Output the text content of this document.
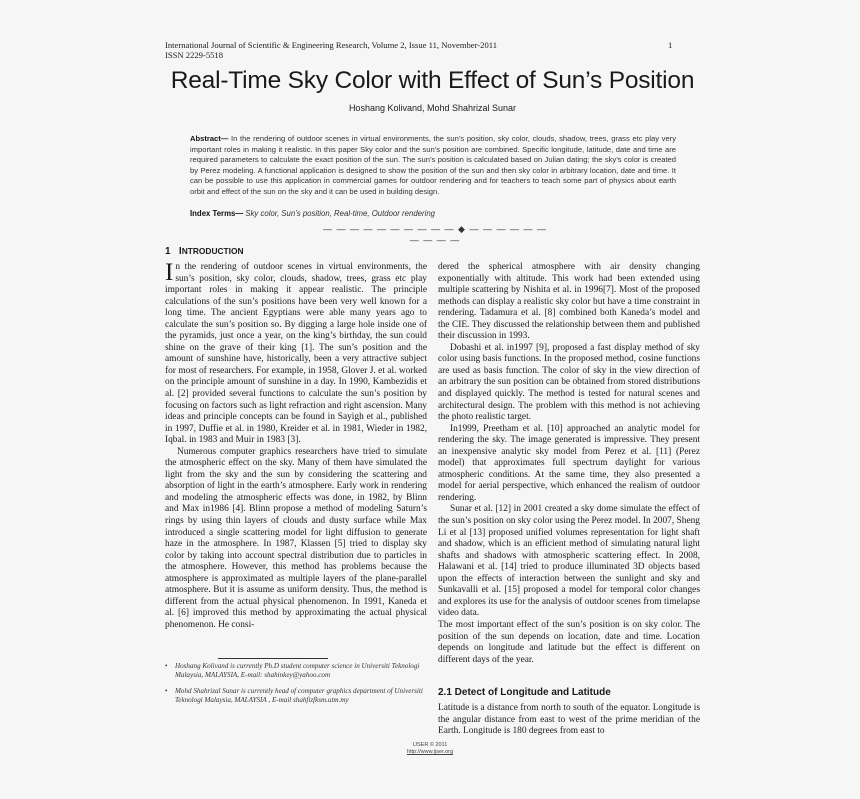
International Journal of Scientific & Engineering Research, Volume 2, Issue 11, November-2011
ISSN 2229-5518
1
Real-Time Sky Color with Effect of Sun’s Position
Hoshang Kolivand, Mohd Shahrizal Sunar
Abstract— In the rendering of outdoor scenes in virtual environments, the sun’s position, sky color, clouds, shadow, trees, grass etc play very important roles in making it realistic. In this paper Sky color and the sun’s position are combined. Specific longitude, latitude, date and time are required parameters to calculate the exact position of the sun. The sun’s position is calculated based on Julian dating; the sky’s color is created by Perez modeling. A functional application is designed to show the position of the sun and then sky color in arbitrary location, date and time. It can be possible to use this application in commercial games for outdoor rendering and for teachers to teach some part of physics about earth orbit and effect of the sun on the sky and it can be used in building design.
Index Terms— Sky color, Sun’s position, Real-time, Outdoor rendering
— — — — — — — — — — ◆ — — — — — — — — — —
1 INTRODUCTION

In the rendering of outdoor scenes in virtual environments, the sun’s position, sky color, clouds, shadow, trees, grass etc play important roles in making it appear realistic. The principle calculations of the sun’s positions have been very well known for a long time. The ancient Egyptians were able many years ago to calculate the sun’s position so. By digging a large hole inside one of the pyramids, just once a year, on the king’s birthday, the sun could shine on the grave of their king [1]. The sun’s position and the amount of sunshine have, historically, been a very attractive subject for most of researchers. For example, in 1958, Glover J. et al. worked on the principle amount of sunshine in a day. In 1990, Kambezidis et al. [2] provided several functions to calculate the sun’s position by focusing on factors such as light refraction and right ascension. Many ideas and principle concepts can be found in Sayigh et al., published in 1997, Duffie et al. in 1980, Kreider et al. in 1981, Wieder in 1982, Iqbal. in 1983 and Muir in 1983 [3].

Numerous computer graphics researchers have tried to simulate the atmospheric effect on the sky. Many of them have simulated the light from the sky and the sun by considering the scattering and absorption of light in the earth’s atmosphere. Early work in rendering and modeling the atmospheric effects was done, in 1982, by Blinn and Max in1986 [4]. Blinn propose a method of modeling Saturn’s rings by using thin layers of clouds and dusty surface while Max introduced a single scattering model for light diffusion to generate haze in the atmosphere. In 1987, Klassen [5] tried to display sky color by taking into account spectral distribution due to particles in the atmosphere. However, this method has problems because the atmosphere is approximated as multiple layers of the plane-parallel atmosphere. But it is assume as uniform density. Thus, the method is different from the actual physical phenomenon. In 1991, Kaneda et al. [6] improved this method by approximating the actual physical phenomenon. He consi-

• Hoshang Kolivand is currently Ph.D student computer science in Universiti Teknologi Malaysia, MALAYSIA, E-mail: shahinkey@yahoo.com
• Mohd Shahrizal Sunar is currently head of computer graphics department of Universiti Teknologi Malaysia, MALAYSIA , E-mail shahfizfksm.utm.my

dered the spherical atmosphere with air density changing exponentially with altitude. This work had been extended using multiple scattering by Nishita et al. in 1996[7]. Most of the proposed methods can display a realistic sky color but have a time constraint in rendering. Tadamura et al. [8] combined both Kaneda’s model and the CIE. They discussed the relationship between them and published their discussion in 1993.

Dobashi et al. in1997 [9], proposed a fast display method of sky color using basis functions. In the proposed method, cosine functions are used as basis function. The color of sky in the view direction of an arbitrary the sun position can be obtained from stored distributions and displayed quickly. The method is tested for natural scenes and architectural design. The problem with this method is not achieving the photo realistic target.

In1999, Preetham et al. [10] approached an analytic model for rendering the sky. The image generated is impressive. They present an inexpensive analytic sky model from Perez et al. [11] (Perez model) that approximates full spectrum daylight for various atmospheric conditions. At the same time, they also presented a model for aerial perspective, which enhanced the realism of outdoor rendering.

Sunar et al. [12] in 2001 created a sky dome simulate the effect of the sun’s position on sky color using the Perez model. In 2007, Sheng Li et al [13] proposed unified volumes representation for light shaft and shadow, which is an efficient method of simulating natural light shafts and shadows with atmospheric scattering effect. In 2008, Halawani et al. [14] tried to produce illuminated 3D objects based upon the effects of interaction between the sunlight and sky and Sunkavalli et al. [15] proposed a model for temporal color changes and explores its use for the analysis of outdoor scenes from timelapse video data.

The most important effect of the sun’s position is on sky color. The position of the sun depends on location, date and time. Location depends on longitude and latitude but the effect is different on different days of the year.

2.1 Detect of Longitude and Latitude

Latitude is a distance from north to south of the equator. Longitude is the angular distance from east to west of the prime meridian of the Earth. Longitude is 180 degrees from east to

IJSER © 2011
http://www.ijser.org
